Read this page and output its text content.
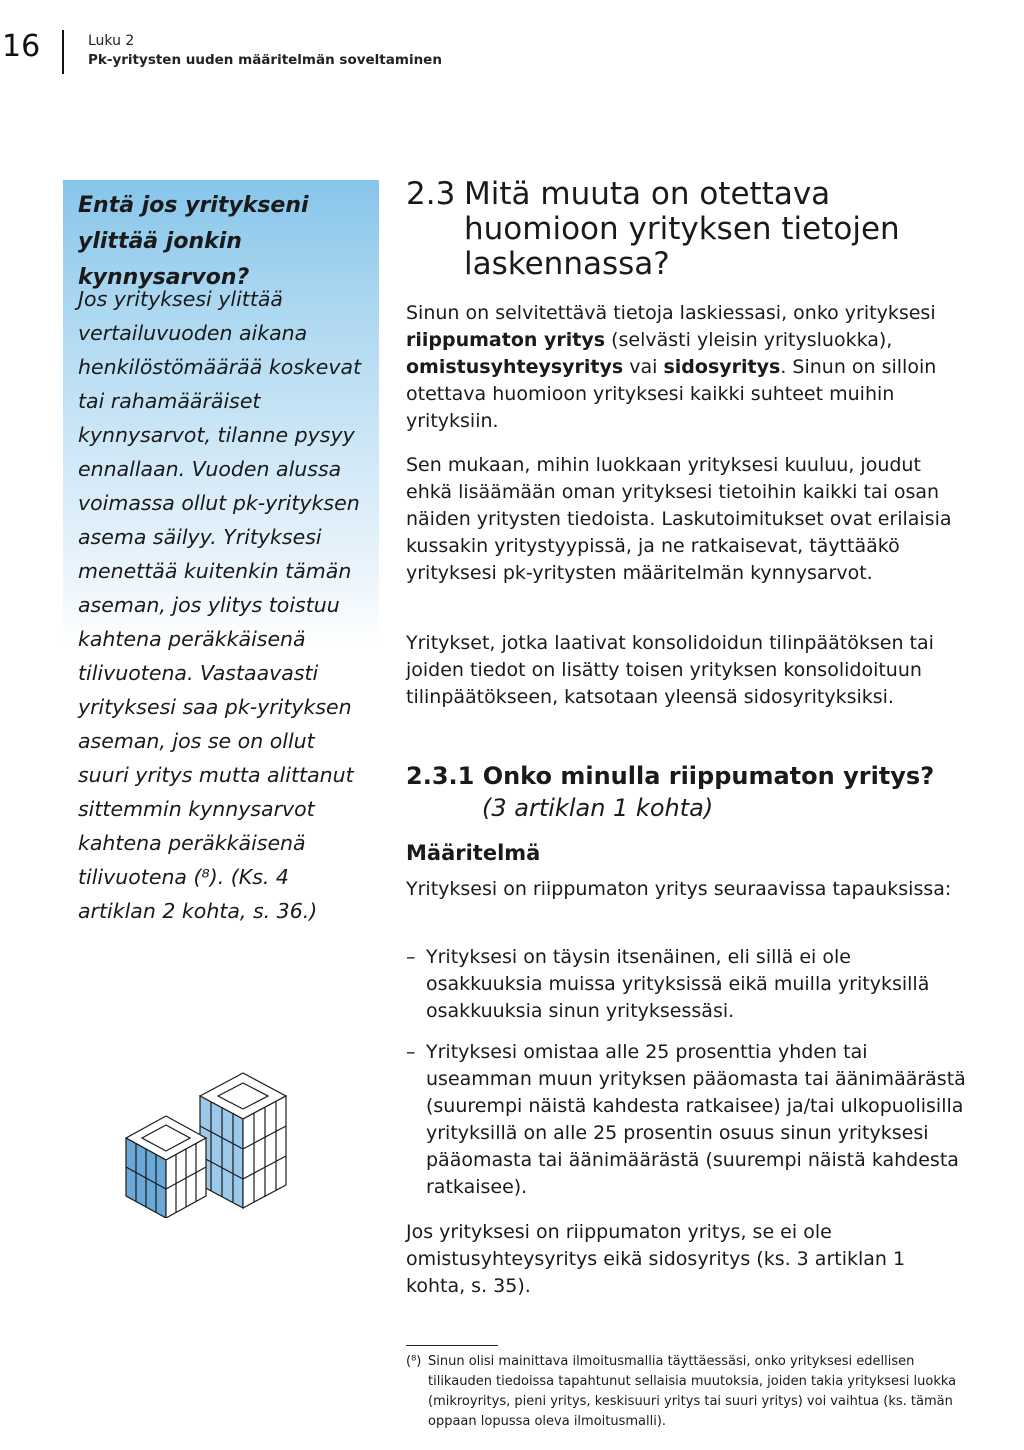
16	Luku 2
Pk-yritysten uuden määritelmän soveltaminen
Entä jos yritykseni ylittää jonkin kynnysarvon?
Jos yrityksesi ylittää vertailuvuoden aikana henkilöstömäärää koskevat tai rahamääräiset kynnysarvot, tilanne pysyy ennallaan. Vuoden alussa voimassa ollut pk-yrityksen asema säilyy. Yrityksesi menettää kuitenkin tämän aseman, jos ylitys toistuu kahtena peräkkäisenä tilivuotena. Vastaavasti yrityksesi saa pk-yrityksen aseman, jos se on ollut suuri yritys mutta alittanut sittemmin kynnysarvot kahtena peräkkäisenä tilivuotena (⁸). (Ks. 4 artiklan 2 kohta, s. 36.)
2.3 Mitä muuta on otettava huomioon yrityksen tietojen laskennassa?

Sinun on selvitettävä tietoja laskiessasi, onko yrityksesi riippumaton yritys (selvästi yleisin yritysluokka), omistusyhteysyritys vai sidosyritys. Sinun on silloin otettava huomioon yrityksesi kaikki suhteet muihin yrityksiin.

Sen mukaan, mihin luokkaan yrityksesi kuuluu, joudut ehkä lisäämään oman yrityksesi tietoihin kaikki tai osan näiden yritysten tiedoista. Laskutoimitukset ovat erilaisia kussakin yritystyypissä, ja ne ratkaisevat, täyttääkö yrityksesi pk-yritysten määritelmän kynnysarvot.

Yritykset, jotka laativat konsolidoidun tilinpäätöksen tai joiden tiedot on lisätty toisen yrityksen konsolidoituun tilinpäätökseen, katsotaan yleensä sidosyrityksiksi.

2.3.1 Onko minulla riippumaton yritys?
(3 artiklan 1 kohta)
Määritelmä
Yrityksesi on riippumaton yritys seuraavissa tapauksissa:
– Yrityksesi on täysin itsenäinen, eli sillä ei ole osakkuuksia muissa yrityksissä eikä muilla yrityksillä osakkuuksia sinun yrityksessäsi.
– Yrityksesi omistaa alle 25 prosenttia yhden tai useamman muun yrityksen pääomasta tai äänimäärästä (suurempi näistä kahdesta ratkaisee) ja/tai ulkopuolisilla yrityksillä on alle 25 prosentin osuus sinun yrityksesi pääomasta tai äänimäärästä (suurempi näistä kahdesta ratkaisee).
Jos yrityksesi on riippumaton yritys, se ei ole omistusyhteysyritys eikä sidosyritys (ks. 3 artiklan 1 kohta, s. 35).
(⁸) Sinun olisi mainittava ilmoitusmallia täyttäessäsi, onko yrityksesi edellisen tilikauden tiedoissa tapahtunut sellaisia muutoksia, joiden takia yrityksesi luokka (mikroyritys, pieni yritys, keskisuuri yritys tai suuri yritys) voi vaihtua (ks. tämän oppaan lopussa oleva ilmoitusmalli).
